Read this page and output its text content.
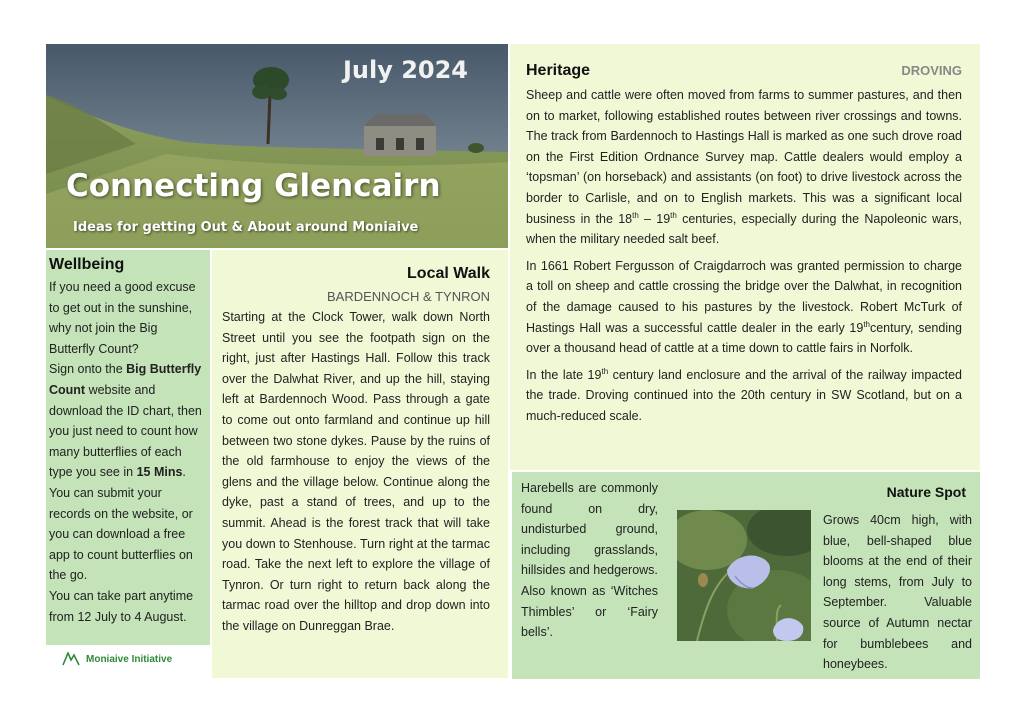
July 2024
Connecting Glencairn
Ideas for getting Out & About around Moniaive
Wellbeing

If you need a good excuse to get out in the sunshine, why not join the Big Butterfly Count?

Sign onto the Big Butterfly Count website and download the ID chart, then you just need to count how many butterflies of each type you see in 15 Mins.

You can submit your records on the website, or you can download a free app to count butterflies on the go.

You can take part anytime from 12 July to 4 August.

Moniaive Initiative
Local Walk
BARDENNOCH & TYNRON

Starting at the Clock Tower, walk down North Street until you see the footpath sign on the right, just after Hastings Hall. Follow this track over the Dalwhat River, and up the hill, staying left at Bardennoch Wood. Pass through a gate to come out onto farmland and continue up hill between two stone dykes. Pause by the ruins of the old farmhouse to enjoy the views of the glens and the village below. Continue along the dyke, past a stand of trees, and up to the summit. Ahead is the forest track that will take you down to Stenhouse. Turn right at the tarmac road. Take the next left to explore the village of Tynron. Or turn right to return back along the tarmac road over the hilltop and drop down into the village on Dunreggan Brae.

Heritage	DROVING

Sheep and cattle were often moved from farms to summer pastures, and then on to market, following established routes between river crossings and towns. The track from Bardennoch to Hastings Hall is marked as one such drove road on the First Edition Ordnance Survey map. Cattle dealers would employ a ‘topsman’ (on horseback) and assistants (on foot) to drive livestock across the border to Carlisle, and on to English markets. This was a significant local business in the 18th – 19th centuries, especially during the Napoleonic wars, when the military needed salt beef.

In 1661 Robert Fergusson of Craigdarroch was granted permission to charge a toll on sheep and cattle crossing the bridge over the Dalwhat, in recognition of the damage caused to his pastures by the livestock. Robert McTurk of Hastings Hall was a successful cattle dealer in the early 19thcentury, sending over a thousand head of cattle at a time down to cattle fairs in Norfolk.

In the late 19th century land enclosure and the arrival of the railway impacted the trade. Droving continued into the 20th century in SW Scotland, but on a much-reduced scale.

Harebells are commonly found on dry, undisturbed ground, including grasslands, hillsides and hedgerows.
Also known as ‘Witches Thimbles’ or ‘Fairy bells’.
Nature Spot
Grows 40cm high, with blue, bell-shaped blue blooms at the end of their long stems, from July to September. Valuable source of Autumn nectar for bumblebees and honeybees.
